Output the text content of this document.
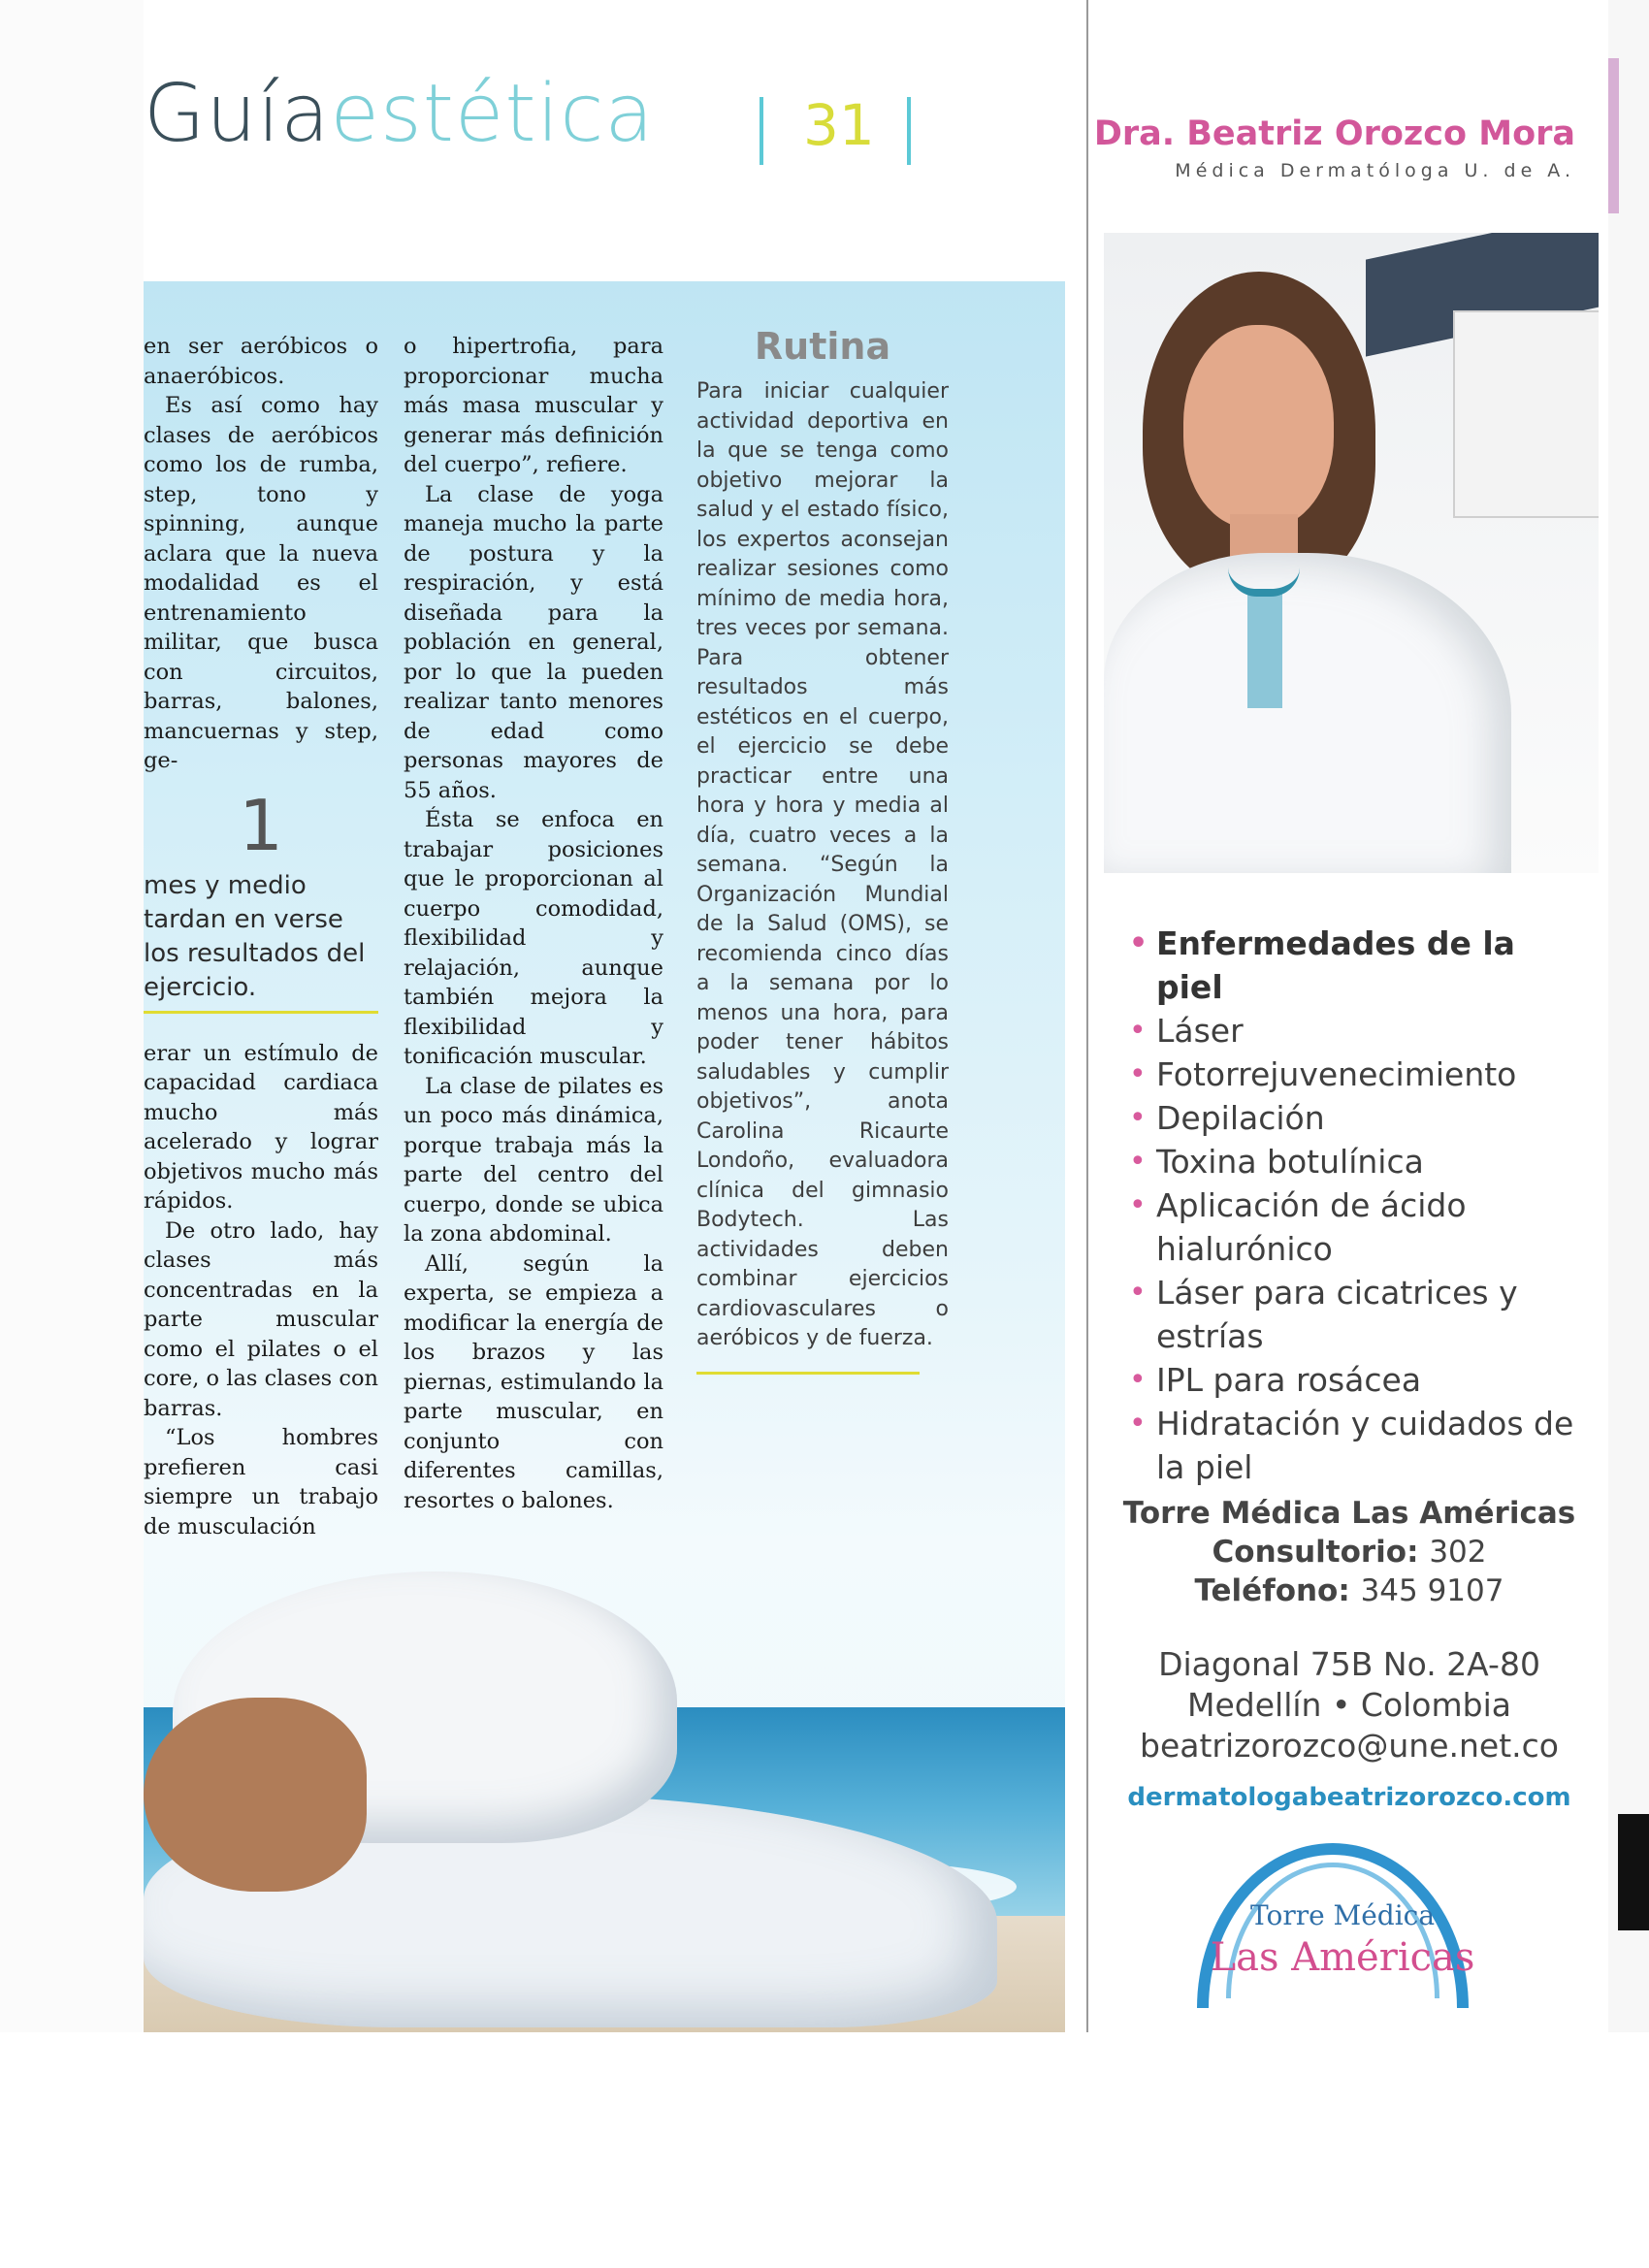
Guíaestética	31

en ser aeróbicos o anaeróbicos.

Es así como hay clases de aeróbicos como los de rumba, step, tono y spinning, aunque aclara que la nueva modalidad es el entrenamiento militar, que busca con circuitos, barras, balones, mancuernas y step, ge-

1

mes y medio tardan en verse los resultados del ejercicio.

erar un estímulo de capacidad cardiaca mucho más acelerado y lograr objetivos mucho más rápidos.

De otro lado, hay clases más concentradas en la parte muscular como el pilates o el core, o las clases con barras.

“Los hombres prefieren casi siempre un trabajo de musculación

o hipertrofia, para proporcionar mucha más masa muscular y generar más definición del cuerpo”, refiere.

La clase de yoga maneja mucho la parte de postura y la respiración, y está diseñada para la población en general, por lo que la pueden realizar tanto menores de edad como personas mayores de 55 años.

Ésta se enfoca en trabajar posiciones que le proporcionan al cuerpo comodidad, flexibilidad y relajación, aunque también mejora la flexibilidad y tonificación muscular.

La clase de pilates es un poco más dinámica, porque trabaja más la parte del centro del cuerpo, donde se ubica la zona abdominal.

Allí, según la experta, se empieza a modificar la energía de los brazos y las piernas, estimulando la parte muscular, en conjunto con diferentes camillas, resortes o balones.

Rutina

Para iniciar cualquier actividad deportiva en la que se tenga como objetivo mejorar la salud y el estado físico, los expertos aconsejan realizar sesiones como mínimo de media hora, tres veces por semana. Para obtener resultados más estéticos en el cuerpo, el ejercicio se debe practicar entre una hora y hora y media al día, cuatro veces a la semana. “Según la Organización Mundial de la Salud (OMS), se recomienda cinco días a la semana por lo menos una hora, para poder tener hábitos saludables y cumplir objetivos”, anota Carolina Ricaurte Londoño, evaluadora clínica del gimnasio Bodytech. Las actividades deben combinar ejercicios cardiovasculares o aeróbicos y de fuerza.

Dra. Beatriz Orozco Mora
Médica Dermatóloga U. de A.
• Enfermedades de la piel
• Láser
• Fotorrejuvenecimiento
• Depilación
• Toxina botulínica
• Aplicación de ácido hialurónico
• Láser para cicatrices y estrías
• IPL para rosácea
• Hidratación y cuidados de la piel
Torre Médica Las Américas
Consultorio: 302
Teléfono: 345 9107
Diagonal 75B No. 2A-80
Medellín • Colombia
beatrizorozco@une.net.co
dermatologabeatrizorozco.com
Torre Médica
Las Américas
